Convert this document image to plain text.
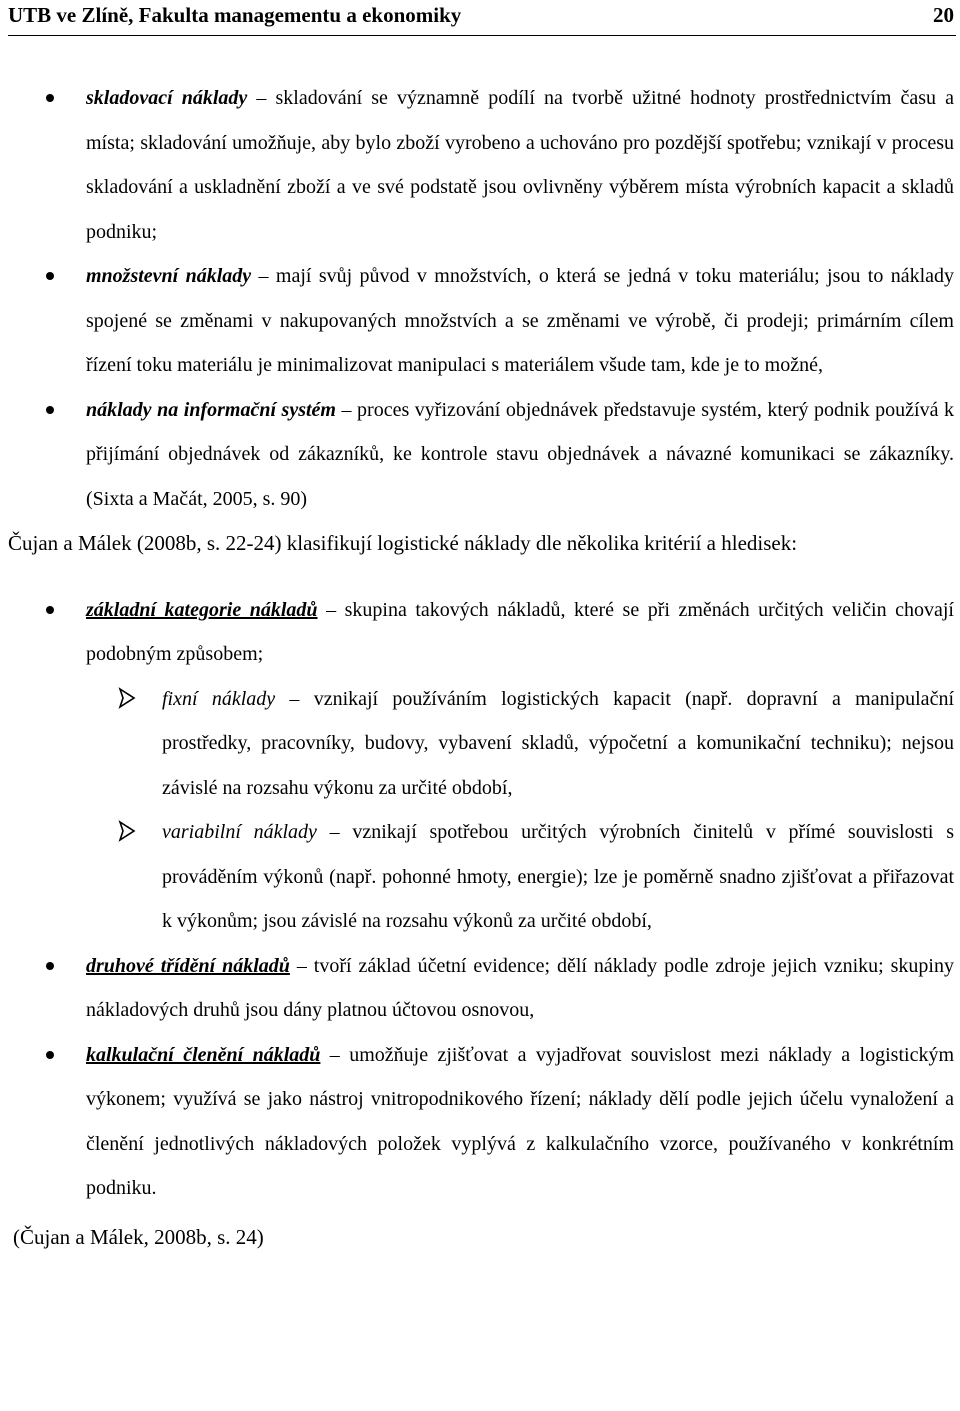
UTB ve Zlíně, Fakulta managementu a ekonomiky	20
skladovací náklady – skladování se významně podílí na tvorbě užitné hodnoty prostřednictvím času a místa; skladování umožňuje, aby bylo zboží vyrobeno a uchováno pro pozdější spotřebu; vznikají v procesu skladování a uskladnění zboží a ve své podstatě jsou ovlivněny výběrem místa výrobních kapacit a skladů podniku;
množstevní náklady – mají svůj původ v množstvích, o která se jedná v toku materiálu; jsou to náklady spojené se změnami v nakupovaných množstvích a se změnami ve výrobě, či prodeji; primárním cílem řízení toku materiálu je minimalizovat manipulaci s materiálem všude tam, kde je to možné,
náklady na informační systém – proces vyřizování objednávek představuje systém, který podnik používá k přijímání objednávek od zákazníků, ke kontrole stavu objednávek a návazné komunikaci se zákazníky. (Sixta a Mačát, 2005, s. 90)
Čujan a Málek (2008b, s. 22-24) klasifikují logistické náklady dle několika kritérií a hledisek:
základní kategorie nákladů – skupina takových nákladů, které se při změnách určitých veličin chovají podobným způsobem;
fixní náklady – vznikají používáním logistických kapacit (např. dopravní a manipulační prostředky, pracovníky, budovy, vybavení skladů, výpočetní a komunikační techniku); nejsou závislé na rozsahu výkonu za určité období,
variabilní náklady – vznikají spotřebou určitých výrobních činitelů v přímé souvislosti s prováděním výkonů (např. pohonné hmoty, energie); lze je poměrně snadno zjišťovat a přiřazovat k výkonům; jsou závislé na rozsahu výkonů za určité období,
druhové třídění nákladů – tvoří základ účetní evidence; dělí náklady podle zdroje jejich vzniku; skupiny nákladových druhů jsou dány platnou účtovou osnovou,
kalkulační členění nákladů – umožňuje zjišťovat a vyjadřovat souvislost mezi náklady a logistickým výkonem; využívá se jako nástroj vnitropodnikového řízení; náklady dělí podle jejich účelu vynaložení a členění jednotlivých nákladových položek vyplývá z kalkulačního vzorce, používaného v konkrétním podniku.
(Čujan a Málek, 2008b, s. 24)
